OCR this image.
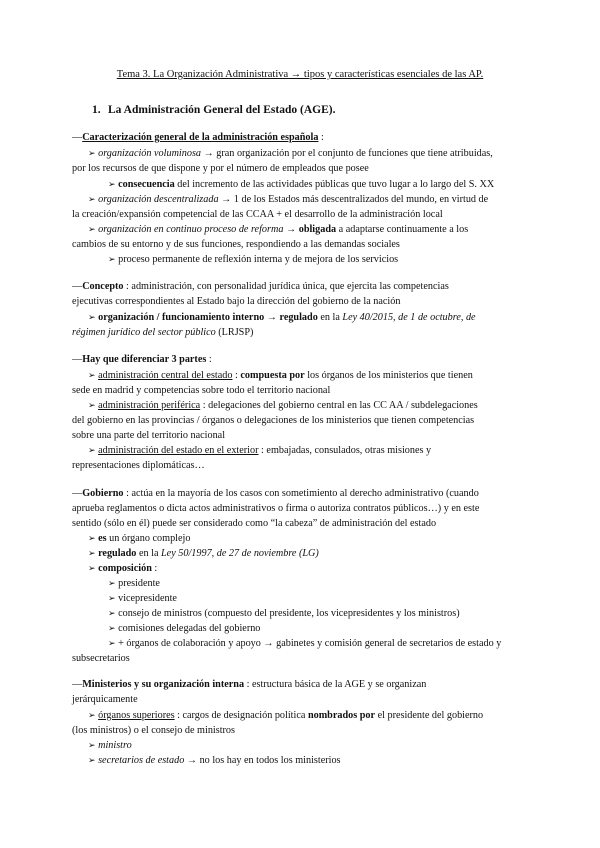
Tema 3. La Organización Administrativa → tipos y características esenciales de las AP.
1. La Administración General del Estado (AGE).
—Caracterización general de la administración española :
➢ organización voluminosa → gran organización por el conjunto de funciones que tiene atribuidas,
por los recursos de que dispone y por el número de empleados que posee
➢ consecuencia del incremento de las actividades públicas que tuvo lugar a lo largo del S. XX
➢ organización descentralizada → 1 de los Estados más descentralizados del mundo, en virtud de
la creación/expansión competencial de las CCAA + el desarrollo de la administración local
➢ organización en continuo proceso de reforma → obligada a adaptarse continuamente a los
cambios de su entorno y de sus funciones, respondiendo a las demandas sociales
➢ proceso permanente de reflexión interna y de mejora de los servicios
—Concepto : administración, con personalidad jurídica única, que ejercita las competencias
ejecutivas correspondientes al Estado bajo la dirección del gobierno de la nación
➢ organización / funcionamiento interno → regulado en la Ley 40/2015, de 1 de octubre, de
régimen jurídico del sector público (LRJSP)
—Hay que diferenciar 3 partes :
➢ administración central del estado : compuesta por los órganos de los ministerios que tienen
sede en madrid y competencias sobre todo el territorio nacional
➢ administración periférica : delegaciones del gobierno central en las CC AA / subdelegaciones
del gobierno en las provincias / órganos o delegaciones de los ministerios que tienen competencias
sobre una parte del territorio nacional
➢ administración del estado en el exterior : embajadas, consulados, otras misiones y
representaciones diplomáticas…
—Gobierno : actúa en la mayoría de los casos con sometimiento al derecho administrativo (cuando
aprueba reglamentos o dicta actos administrativos o firma o autoriza contratos públicos…) y en este
sentido (sólo en él) puede ser considerado como “la cabeza” de administración del estado
➢ es un órgano complejo
➢ regulado en la Ley 50/1997, de 27 de noviembre (LG)
➢ composición :
➢ presidente
➢ vicepresidente
➢ consejo de ministros (compuesto del presidente, los vicepresidentes y los ministros)
➢ comisiones delegadas del gobierno
➢ + órganos de colaboración y apoyo → gabinetes y comisión general de secretarios de estado y
subsecretarios
—Ministerios y su organización interna : estructura básica de la AGE y se organizan
jerárquicamente
➢ órganos superiores : cargos de designación política nombrados por el presidente del gobierno
(los ministros) o el consejo de ministros
➢ ministro
➢ secretarios de estado → no los hay en todos los ministerios
